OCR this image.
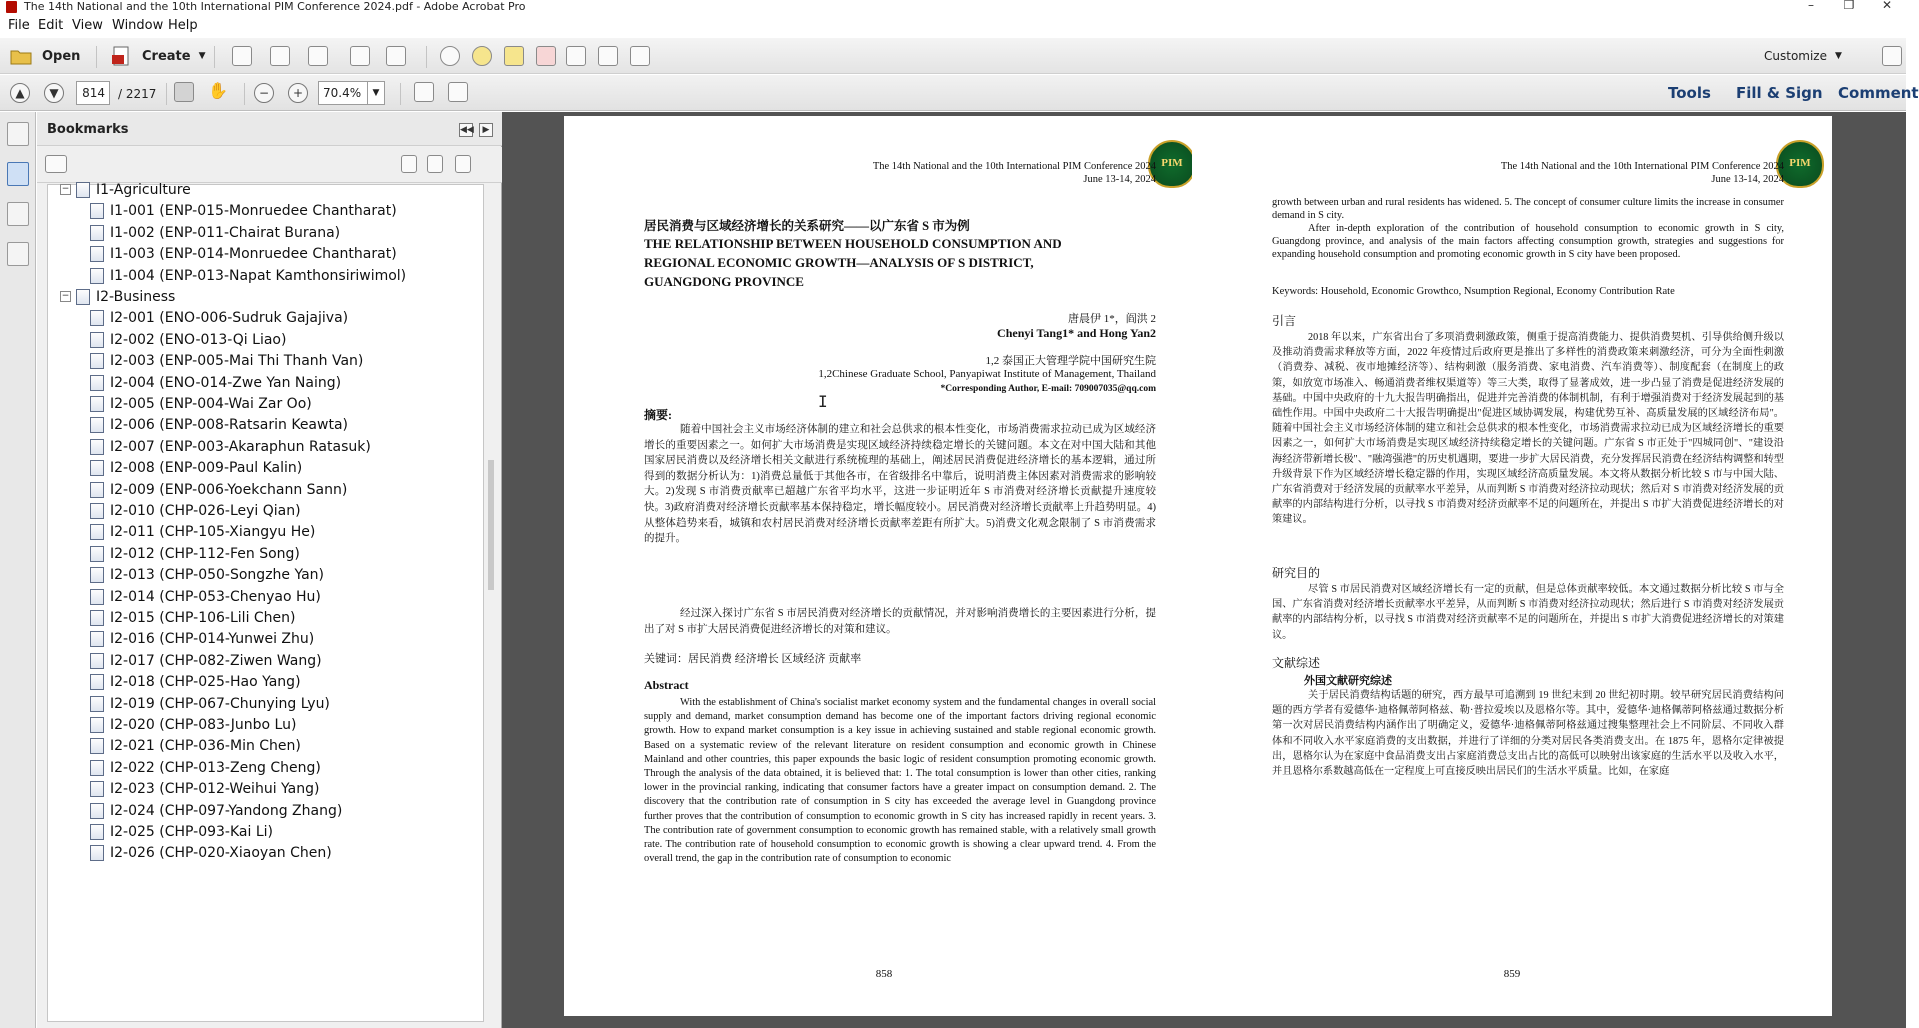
The 14th National and the 10th International PIM Conference 2024.pdf - Adobe Acrobat Pro	–	❐	✕
File Edit View Window Help
Open	Create ▼	Customize ▼
▲	▼	814	/ 2217	✋	−	+	70.4%	▼	Tools Fill & Sign Comment
Bookmarks	◀◀ ▶
− I1-Agriculture
I1-001 (ENP-015-Monruedee Chantharat)
I1-002 (ENP-011-Chairat Burana)
I1-003 (ENP-014-Monruedee Chantharat)
I1-004 (ENP-013-Napat Kamthonsiriwimol)
− I2-Business
I2-001 (ENO-006-Sudruk Gajajiva)
I2-002 (ENO-013-Qi Liao)
I2-003 (ENP-005-Mai Thi Thanh Van)
I2-004 (ENO-014-Zwe Yan Naing)
I2-005 (ENP-004-Wai Zar Oo)
I2-006 (ENP-008-Ratsarin Keawta)
I2-007 (ENP-003-Akaraphun Ratasuk)
I2-008 (ENP-009-Paul Kalin)
I2-009 (ENP-006-Yoekchann Sann)
I2-010 (CHP-026-Leyi Qian)
I2-011 (CHP-105-Xiangyu He)
I2-012 (CHP-112-Fen Song)
I2-013 (CHP-050-Songzhe Yan)
I2-014 (CHP-053-Chenyao Hu)
I2-015 (CHP-106-Lili Chen)
I2-016 (CHP-014-Yunwei Zhu)
I2-017 (CHP-082-Ziwen Wang)
I2-018 (CHP-025-Hao Yang)
I2-019 (CHP-067-Chunying Lyu)
I2-020 (CHP-083-Junbo Lu)
I2-021 (CHP-036-Min Chen)
I2-022 (CHP-013-Zeng Cheng)
I2-023 (CHP-012-Weihui Yang)
I2-024 (CHP-097-Yandong Zhang)
I2-025 (CHP-093-Kai Li)
I2-026 (CHP-020-Xiaoyan Chen)
PIM
The 14th National and the 10th International PIM Conference 2024
June 13-14, 2024
居民消费与区域经济增长的关系研究——以广东省 S 市为例
THE RELATIONSHIP BETWEEN HOUSEHOLD CONSUMPTION AND REGIONAL ECONOMIC GROWTH—ANALYSIS OF S DISTRICT, GUANGDONG PROVINCE
唐晨伊 1*，阎洪 2
Chenyi Tang1* and Hong Yan2
1,2 泰国正大管理学院中国研究生院
1,2Chinese Graduate School, Panyapiwat Institute of Management, Thailand
*Corresponding Author, E-mail: 709007035@qq.com
摘要:
随着中国社会主义市场经济体制的建立和社会总供求的根本性变化，市场消费需求拉动已成为区域经济增长的重要因素之一。如何扩大市场消费是实现区域经济持续稳定增长的关键问题。本文在对中国大陆和其他国家居民消费以及经济增长相关文献进行系统梳理的基础上，阐述居民消费促进经济增长的基本逻辑，通过所得到的数据分析认为：1)消费总量低于其他各市，在省级排名中靠后，说明消费主体因素对消费需求的影响较大。2)发现 S 市消费贡献率已超越广东省平均水平，这进一步证明近年 S 市消费对经济增长贡献提升速度较快。3)政府消费对经济增长贡献率基本保持稳定，增长幅度较小。居民消费对经济增长贡献率上升趋势明显。4)从整体趋势来看，城镇和农村居民消费对经济增长贡献率差距有所扩大。5)消费文化观念限制了 S 市消费需求的提升。
经过深入探讨广东省 S 市居民消费对经济增长的贡献情况，并对影响消费增长的主要因素进行分析，提出了对 S 市扩大居民消费促进经济增长的对策和建议。
关键词：居民消费 经济增长 区域经济 贡献率
Abstract
With the establishment of China's socialist market economy system and the fundamental changes in overall social supply and demand, market consumption demand has become one of the important factors driving regional economic growth. How to expand market consumption is a key issue in achieving sustained and stable regional economic growth. Based on a systematic review of the relevant literature on resident consumption and economic growth in Chinese Mainland and other countries, this paper expounds the basic logic of resident consumption promoting economic growth. Through the analysis of the data obtained, it is believed that: 1. The total consumption is lower than other cities, ranking lower in the provincial ranking, indicating that consumer factors have a greater impact on consumption demand. 2. The discovery that the contribution rate of consumption in S city has exceeded the average level in Guangdong province further proves that the contribution of consumption to economic growth in S city has increased rapidly in recent years. 3. The contribution rate of government consumption to economic growth has remained stable, with a relatively small growth rate. The contribution rate of household consumption to economic growth is showing a clear upward trend. 4. From the overall trend, the gap in the contribution rate of consumption to economic
858
PIM
The 14th National and the 10th International PIM Conference 2024
June 13-14, 2024
growth between urban and rural residents has widened. 5. The concept of consumer culture limits the increase in consumer demand in S city.
After in-depth exploration of the contribution of household consumption to economic growth in S city, Guangdong province, and analysis of the main factors affecting consumption growth, strategies and suggestions for expanding household consumption and promoting economic growth in S city have been proposed.
Keywords: Household, Economic Growthco, Nsumption Regional, Economy Contribution Rate
引言
2018 年以来，广东省出台了多项消费刺激政策，侧重于提高消费能力、提供消费契机、引导供给侧升级以及推动消费需求释放等方面，2022 年疫情过后政府更是推出了多样性的消费政策来刺激经济，可分为全面性刺激（消费券、减税、夜市地摊经济等）、结构刺激（服务消费、家电消费、汽车消费等）、制度配套（在制度上的政策，如放宽市场准入、畅通消费者维权渠道等）等三大类，取得了显著成效，进一步凸显了消费是促进经济发展的基础。中国中央政府的十九大报告明确指出，促进并完善消费的体制机制，有利于增强消费对于经济发展起到的基础性作用。中国中央政府二十大报告明确提出"促进区域协调发展，构建优势互补、高质量发展的区域经济布局"。随着中国社会主义市场经济体制的建立和社会总供求的根本性变化，市场消费需求拉动已成为区域经济增长的重要因素之一，如何扩大市场消费是实现区域经济持续稳定增长的关键问题。广东省 S 市正处于"四城同创"、"建设沿海经济带新增长极"、"融湾强港"的历史机遇期，要进一步扩大居民消费，充分发挥居民消费在经济结构调整和转型升级背景下作为区域经济增长稳定器的作用，实现区域经济高质量发展。本文将从数据分析比较 S 市与中国大陆、广东省消费对于经济发展的贡献率水平差异，从而判断 S 市消费对经济拉动现状；然后对 S 市消费对经济发展的贡献率的内部结构进行分析，以寻找 S 市消费对经济贡献率不足的问题所在，并提出 S 市扩大消费促进经济增长的对策建议。
研究目的
尽管 S 市居民消费对区域经济增长有一定的贡献，但是总体贡献率较低。本文通过数据分析比较 S 市与全国、广东省消费对经济增长贡献率水平差异，从而判断 S 市消费对经济拉动现状；然后进行 S 市消费对经济发展贡献率的内部结构分析，以寻找 S 市消费对经济贡献率不足的问题所在，并提出 S 市扩大消费促进经济增长的对策建议。
文献综述
外国文献研究综述
关于居民消费结构话题的研究，西方最早可追溯到 19 世纪末到 20 世纪初时期。较早研究居民消费结构问题的西方学者有爱德华·迪格佩蒂阿格兹、勒·普拉爱埃以及恩格尔等。其中，爱德华·迪格佩蒂阿格兹通过数据分析第一次对居民消费结构内涵作出了明确定义，爱德华·迪格佩蒂阿格兹通过搜集整理社会上不同阶层、不同收入群体和不同收入水平家庭消费的支出数据，并进行了详细的分类对居民各类消费支出。在 1875 年，恩格尔定律被提出，恩格尔认为在家庭中食品消费支出占家庭消费总支出占比的高低可以映射出该家庭的生活水平以及收入水平，并且恩格尔系数越高低在一定程度上可直接反映出居民们的生活水平质量。比如，在家庭
859
I
